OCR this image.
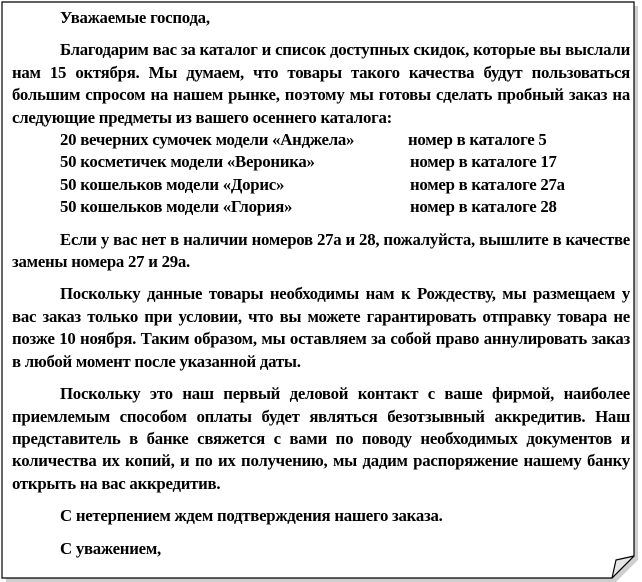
Уважаемые господа,

Благодарим вас за каталог и список доступных скидок, которые вы выслали нам 15 октября. Мы думаем, что товары такого качества будут пользоваться большим спросом на нашем рынке, поэтому мы готовы сделать пробный заказ на следующие предметы из вашего осеннего каталога:

20 вечерних сумочек модели «Анджела»	номер в каталоге 5
50 косметичек модели «Вероника»	номер в каталоге 17
50 кошельков модели «Дорис»	номер в каталоге 27а
50 кошельков модели «Глория»	номер в каталоге 28

Если у вас нет в наличии номеров 27а и 28, пожалуйста, вышлите в качестве замены номера 27 и 29а.

Поскольку данные товары необходимы нам к Рождеству, мы размещаем у вас заказ только при условии, что вы можете гарантировать отправку товара не позже 10 ноября. Таким образом, мы оставляем за собой право аннулировать заказ в любой момент после указанной даты.

Поскольку это наш первый деловой контакт с ваше фирмой, наиболее приемлемым способом оплаты будет являться безотзывный аккредитив. Наш представитель в банке свяжется с вами по поводу необходимых документов и количества их копий, и по их получению, мы дадим распоряжение нашему банку открыть на вас аккредитив.

С нетерпением ждем подтверждения нашего заказа.

С уважением,
